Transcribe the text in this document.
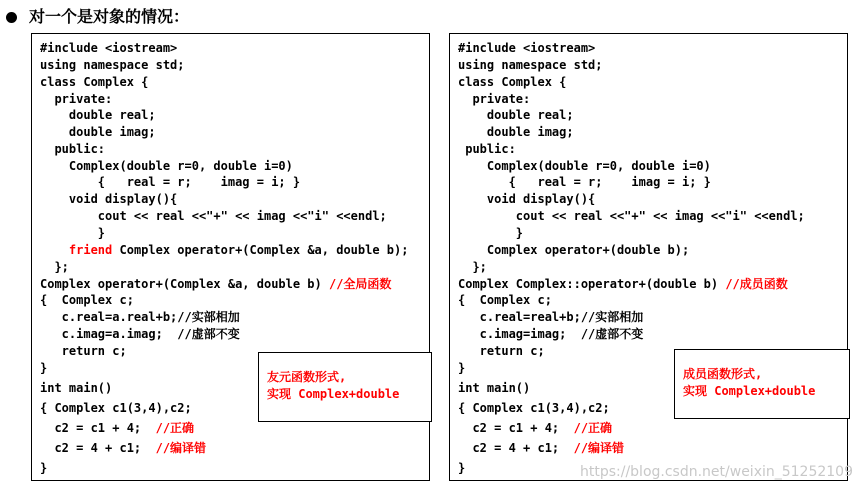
对一个是对象的情况：
#include <iostream>
using namespace std;
class Complex {
private:
double real;
double imag;
public:
Complex(double r=0, double i=0)
{   real = r;    imag = i; }
void display(){
cout << real <<"+" << imag <<"i" <<endl;
}
friend Complex operator+(Complex &a, double b);
};
Complex operator+(Complex &a, double b) //全局函数
{  Complex c;
c.real=a.real+b;//实部相加
c.imag=a.imag;  //虚部不变
return c;
}
int main()
{ Complex c1(3,4),c2;
c2 = c1 + 4;  //正确
c2 = 4 + c1;  //编译错
}
友元函数形式,
实现 Complex+double
#include <iostream>
using namespace std;
class Complex {
private:
double real;
double imag;
public:
Complex(double r=0, double i=0)
{   real = r;    imag = i; }
void display(){
cout << real <<"+" << imag <<"i" <<endl;
}
Complex operator+(double b);
};
Complex Complex::operator+(double b) //成员函数
{  Complex c;
c.real=real+b;//实部相加
c.imag=imag;  //虚部不变
return c;
}
int main()
{ Complex c1(3,4),c2;
c2 = c1 + 4;  //正确
c2 = 4 + c1;  //编译错
}
成员函数形式,
实现 Complex+double
https://blog.csdn.net/weixin_51252109
